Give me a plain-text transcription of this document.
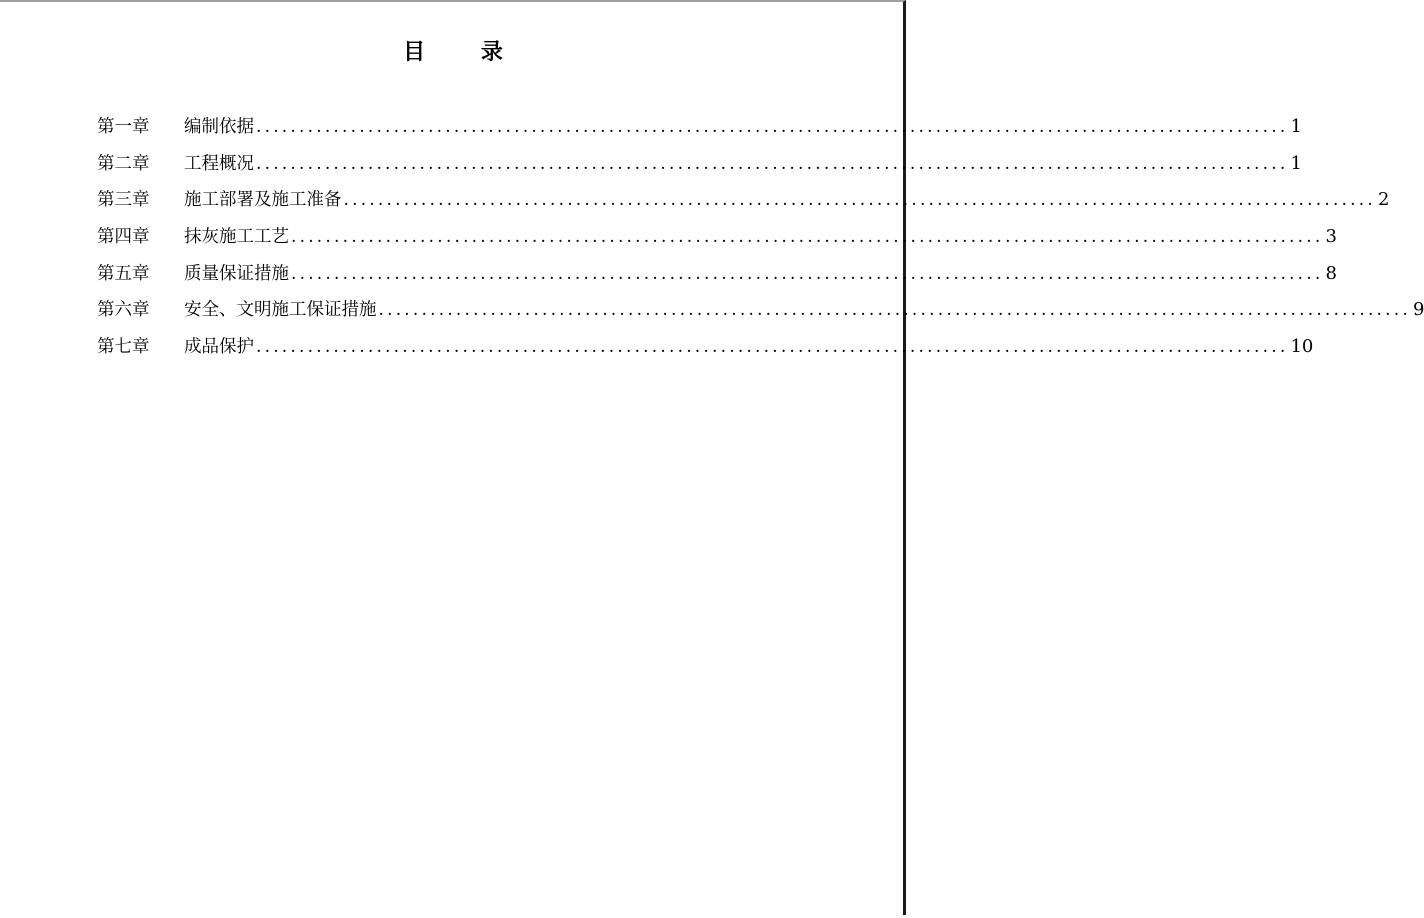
目 录
第一章	编制依据 ........................................................................................................................ 1
第二章	工程概况 ........................................................................................................................ 1
第三章	施工部署及施工准备 ........................................................................................................................ 2
第四章	抹灰施工工艺 ........................................................................................................................ 3
第五章	质量保证措施 ........................................................................................................................ 8
第六章	安全、文明施工保证措施 ........................................................................................................................ 9
第七章	成品保护 ........................................................................................................................ 10
